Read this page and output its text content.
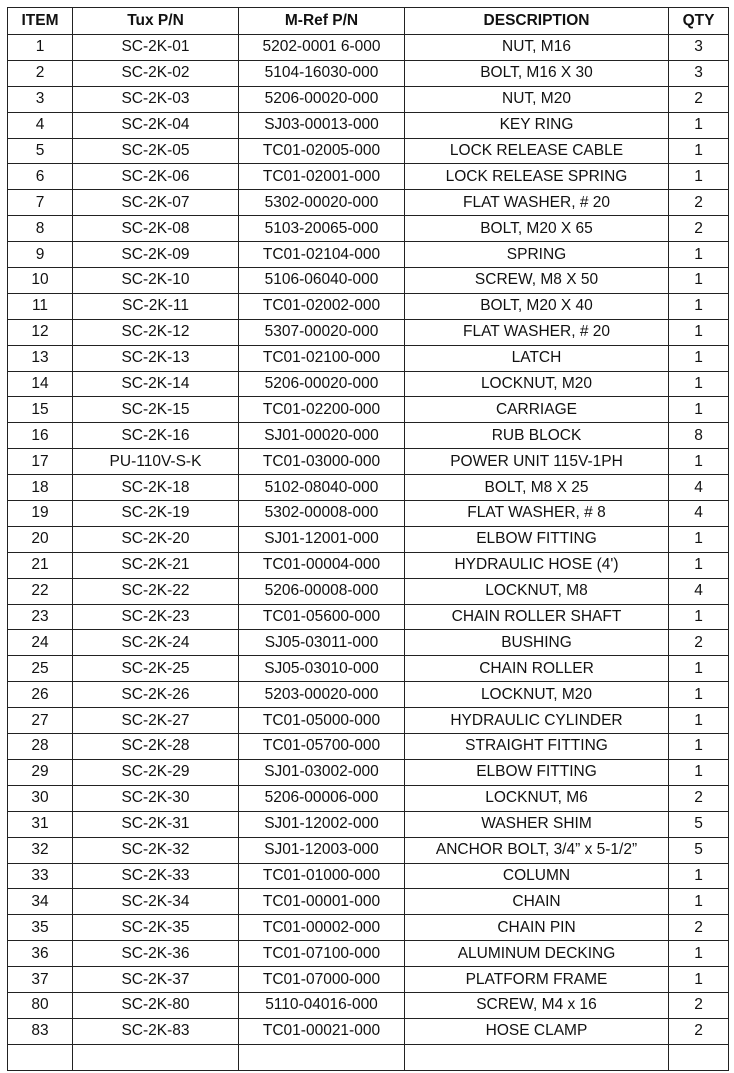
ITEM	Tux P/N	M-Ref P/N	DESCRIPTION	QTY
1	SC-2K-01	5202-0001 6-000	NUT, M16	3
2	SC-2K-02	5104-16030-000	BOLT, M16 X 30	3
3	SC-2K-03	5206-00020-000	NUT, M20	2
4	SC-2K-04	SJ03-00013-000	KEY RING	1
5	SC-2K-05	TC01-02005-000	LOCK RELEASE CABLE	1
6	SC-2K-06	TC01-02001-000	LOCK RELEASE SPRING	1
7	SC-2K-07	5302-00020-000	FLAT WASHER, # 20	2
8	SC-2K-08	5103-20065-000	BOLT, M20 X 65	2
9	SC-2K-09	TC01-02104-000	SPRING	1
10	SC-2K-10	5106-06040-000	SCREW, M8 X 50	1
11	SC-2K-11	TC01-02002-000	BOLT, M20 X 40	1
12	SC-2K-12	5307-00020-000	FLAT WASHER, # 20	1
13	SC-2K-13	TC01-02100-000	LATCH	1
14	SC-2K-14	5206-00020-000	LOCKNUT, M20	1
15	SC-2K-15	TC01-02200-000	CARRIAGE	1
16	SC-2K-16	SJ01-00020-000	RUB BLOCK	8
17	PU-110V-S-K	TC01-03000-000	POWER UNIT 115V-1PH	1
18	SC-2K-18	5102-08040-000	BOLT, M8 X 25	4
19	SC-2K-19	5302-00008-000	FLAT WASHER, # 8	4
20	SC-2K-20	SJ01-12001-000	ELBOW FITTING	1
21	SC-2K-21	TC01-00004-000	HYDRAULIC HOSE (4')	1
22	SC-2K-22	5206-00008-000	LOCKNUT, M8	4
23	SC-2K-23	TC01-05600-000	CHAIN ROLLER SHAFT	1
24	SC-2K-24	SJ05-03011-000	BUSHING	2
25	SC-2K-25	SJ05-03010-000	CHAIN ROLLER	1
26	SC-2K-26	5203-00020-000	LOCKNUT, M20	1
27	SC-2K-27	TC01-05000-000	HYDRAULIC CYLINDER	1
28	SC-2K-28	TC01-05700-000	STRAIGHT FITTING	1
29	SC-2K-29	SJ01-03002-000	ELBOW FITTING	1
30	SC-2K-30	5206-00006-000	LOCKNUT, M6	2
31	SC-2K-31	SJ01-12002-000	WASHER SHIM	5
32	SC-2K-32	SJ01-12003-000	ANCHOR BOLT, 3/4” x 5-1/2”	5
33	SC-2K-33	TC01-01000-000	COLUMN	1
34	SC-2K-34	TC01-00001-000	CHAIN	1
35	SC-2K-35	TC01-00002-000	CHAIN PIN	2
36	SC-2K-36	TC01-07100-000	ALUMINUM DECKING	1
37	SC-2K-37	TC01-07000-000	PLATFORM FRAME	1
80	SC-2K-80	5110-04016-000	SCREW, M4 x 16	2
83	SC-2K-83	TC01-00021-000	HOSE CLAMP	2
